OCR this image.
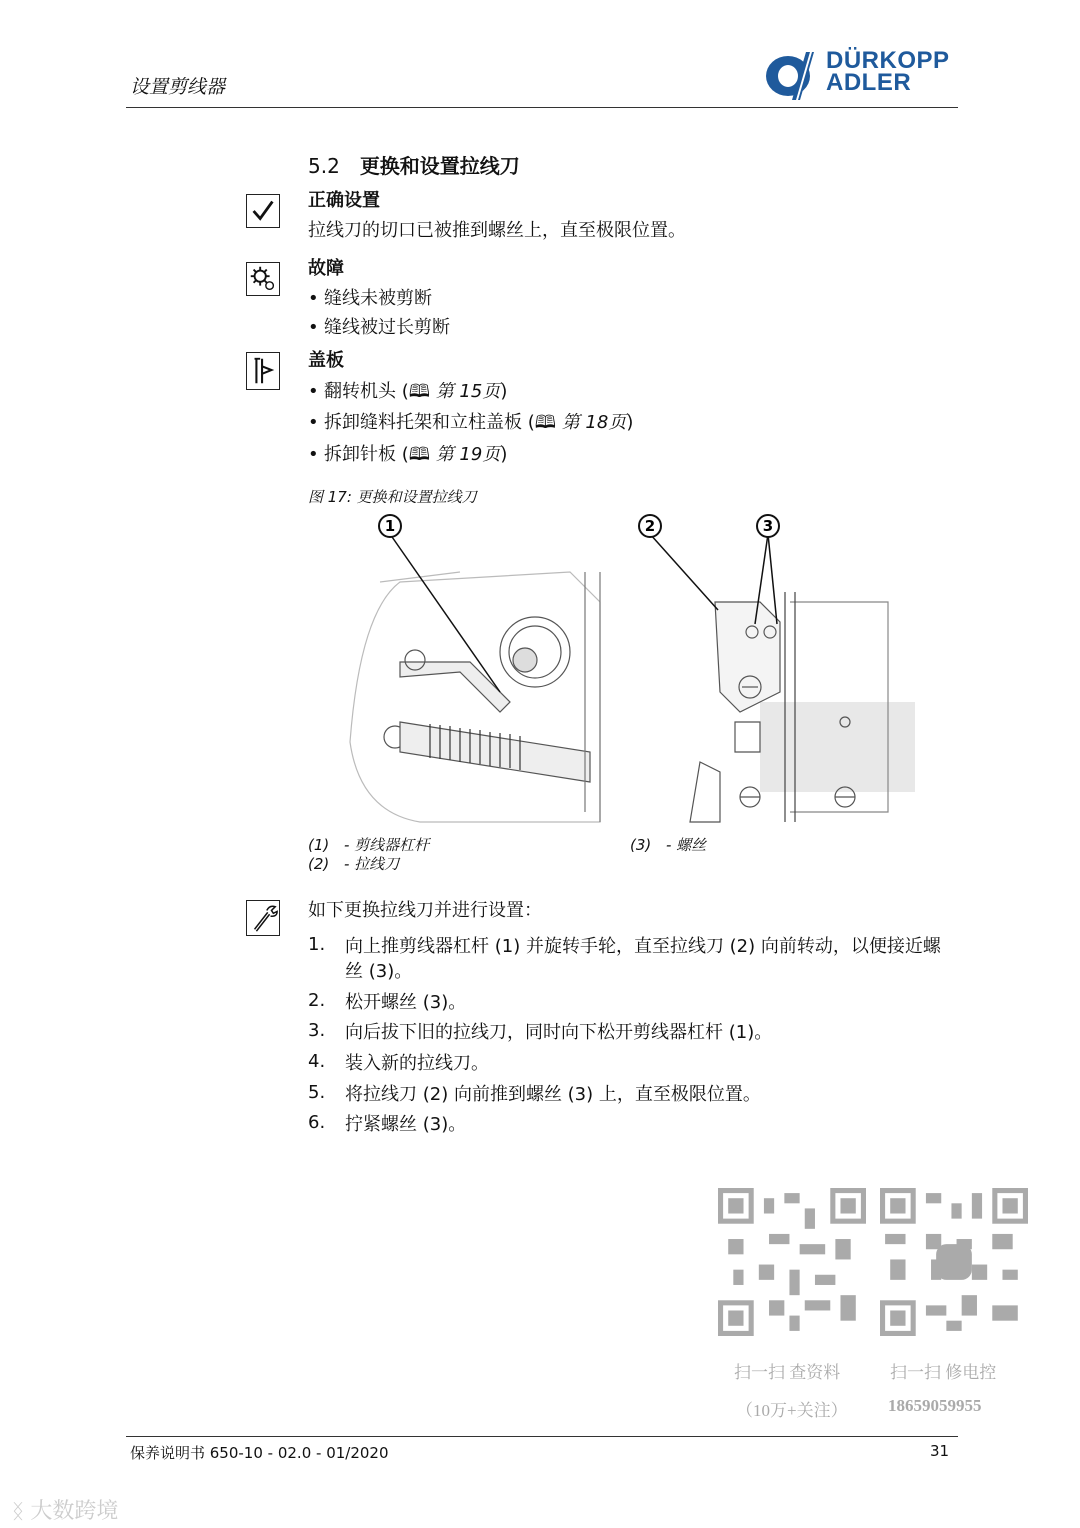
设置剪线器
DÜRKOPP
ADLER
5.2 更换和设置拉线刀
正确设置
拉线刀的切口已被推到螺丝上，直至极限位置。
故障
• 缝线未被剪断
• 缝线被过长剪断
盖板
• 翻转机头 (🕮 第 15页)
• 拆卸缝料托架和立柱盖板 (🕮 第 18页)
• 拆卸针板 (🕮 第 19页)
图 17: 更换和设置拉线刀
1	2	3
(1) - 剪线器杠杆
(2) - 拉线刀
(3) - 螺丝
如下更换拉线刀并进行设置：
1.	向上推剪线器杠杆 (1) 并旋转手轮，直至拉线刀 (2) 向前转动，以便接近螺丝 (3)。
2.	松开螺丝 (3)。
3.	向后拔下旧的拉线刀，同时向下松开剪线器杠杆 (1)。
4.	装入新的拉线刀。
5.	将拉线刀 (2) 向前推到螺丝 (3) 上，直至极限位置。
6.	拧紧螺丝 (3)。
扫一扫 查资料
（10万+关注）
扫一扫 修电控
18659059955
保养说明书 650-10 - 02.0 - 01/2020	31
ᛝ 大数跨境
